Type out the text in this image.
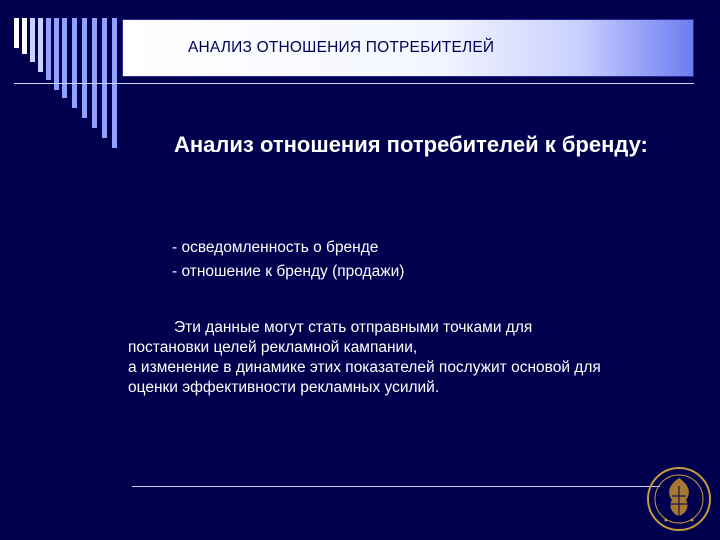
АНАЛИЗ ОТНОШЕНИЯ ПОТРЕБИТЕЛЕЙ
Анализ отношения потребителей к бренду:
- осведомленность о бренде
- отношение к бренду (продажи)
Эти данные могут стать отправными точками для
постановки целей рекламной кампании,
а изменение в динамике этих показателей послужит основой для
оценки эффективности рекламных усилий.
